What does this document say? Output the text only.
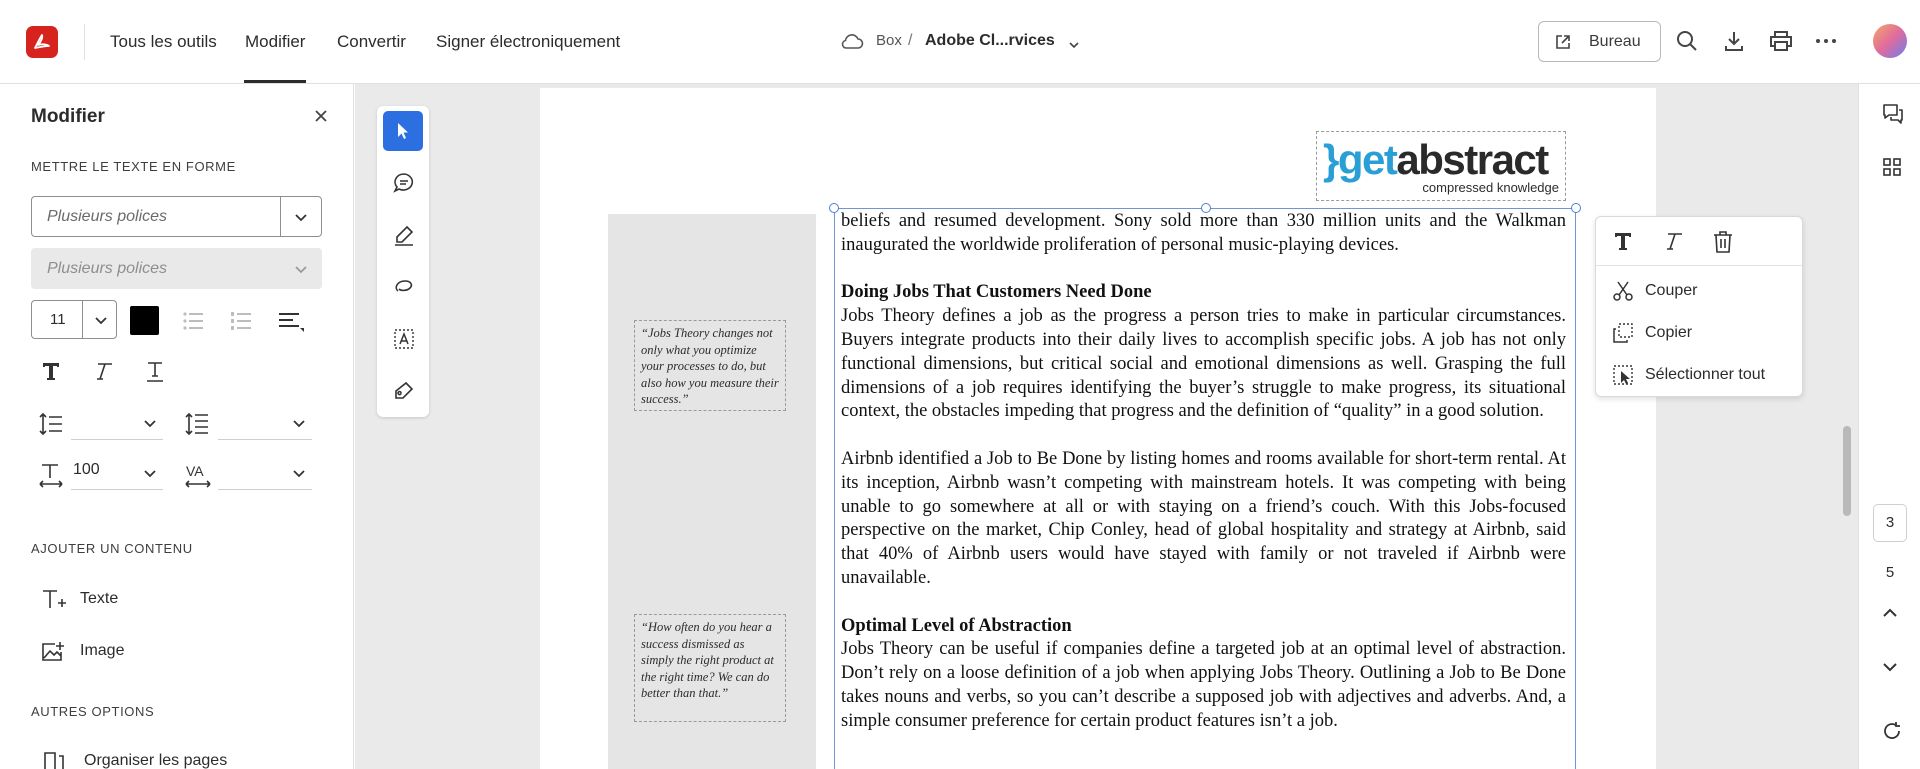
Tous les outils Modifier Convertir Signer électroniquement	Box / Adobe Cl...rvices	Bureau
Modifier
METTRE LE TEXTE EN FORME
Plusieurs polices
Plusieurs polices
11
100	VA
AJOUTER UN CONTENU
Texte
Image
AUTRES OPTIONS
Organiser les pages
“Jobs Theory changes not only what you optimize your processes to do, but also how you measure their success.”
“How often do you hear a success dismissed as simply the right product at the right time? We can do better than that.”
}getabstract
compressed knowledge

beliefs and resumed development. Sony sold more than 330 million units and the Walkman inaugurated the worldwide proliferation of personal music-playing devices.

Doing Jobs That Customers Need Done
Jobs Theory defines a job as the progress a person tries to make in particular circumstances. Buyers integrate products into their daily lives to accomplish specific jobs. A job has not only functional dimensions, but critical social and emotional dimensions as well. Grasping the full dimensions of a job requires identifying the buyer’s struggle to make progress, its situational context, the obstacles impeding that progress and the definition of “quality” in a good solution.

Airbnb identified a Job to Be Done by listing homes and rooms available for short-term rental. At its inception, Airbnb wasn’t competing with mainstream hotels. It was competing with being unable to go somewhere at all or with staying on a friend’s couch. With this Jobs-focused perspective on the market, Chip Conley, head of global hospitality and strategy at Airbnb, said that 40% of Airbnb users would have stayed with family or not traveled if Airbnb were unavailable.

Optimal Level of Abstraction
Jobs Theory can be useful if companies define a targeted job at an optimal level of abstraction. Don’t rely on a loose definition of a job when applying Jobs Theory. Outlining a Job to Be Done takes nouns and verbs, so you can’t describe a supposed job with adjectives and adverbs. And, a simple consumer preference for certain product features isn’t a job.

Couper
Copier
Sélectionner tout
3
5
